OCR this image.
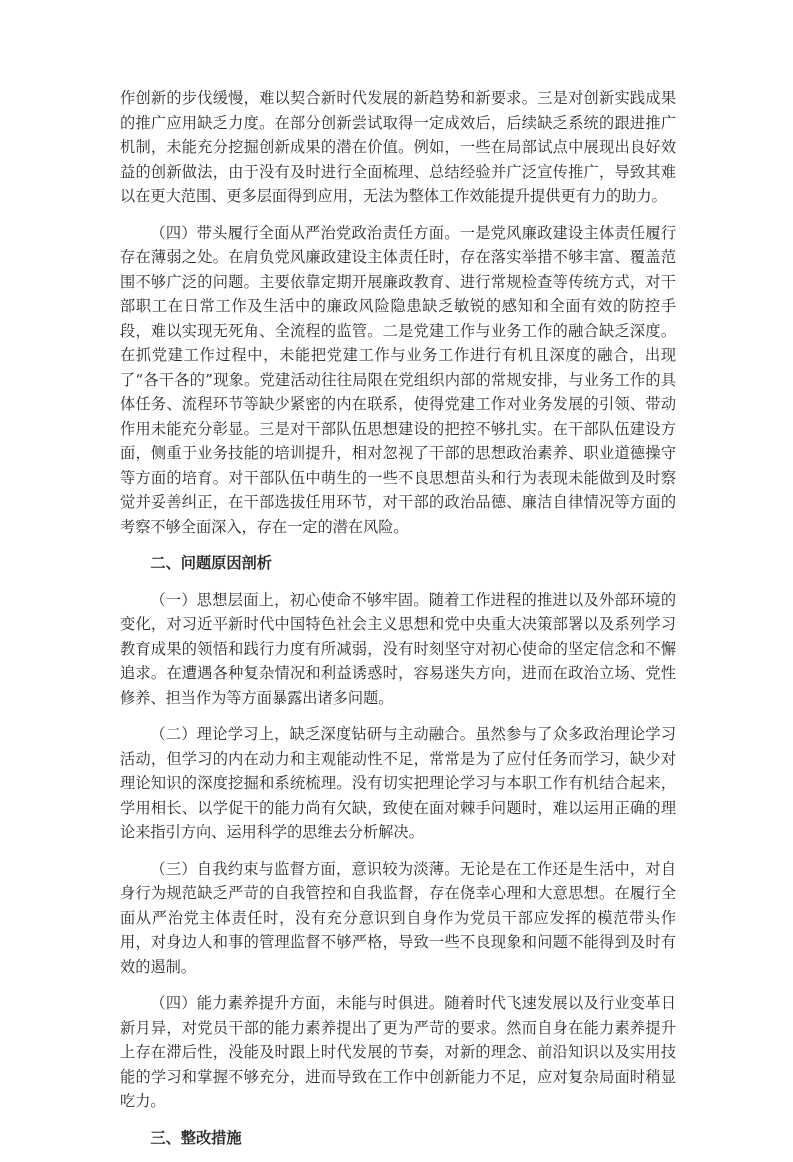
作创新的步伐缓慢，难以契合新时代发展的新趋势和新要求。三是对创新实践成果的推广应用缺乏力度。在部分创新尝试取得一定成效后，后续缺乏系统的跟进推广机制，未能充分挖掘创新成果的潜在价值。例如，一些在局部试点中展现出良好效益的创新做法，由于没有及时进行全面梳理、总结经验并广泛宣传推广，导致其难以在更大范围、更多层面得到应用，无法为整体工作效能提升提供更有力的助力。

（四）带头履行全面从严治党政治责任方面。一是党风廉政建设主体责任履行存在薄弱之处。在肩负党风廉政建设主体责任时，存在落实举措不够丰富、覆盖范围不够广泛的问题。主要依靠定期开展廉政教育、进行常规检查等传统方式，对干部职工在日常工作及生活中的廉政风险隐患缺乏敏锐的感知和全面有效的防控手段，难以实现无死角、全流程的监管。二是党建工作与业务工作的融合缺乏深度。在抓党建工作过程中，未能把党建工作与业务工作进行有机且深度的融合，出现了“各干各的”现象。党建活动往往局限在党组织内部的常规安排，与业务工作的具体任务、流程环节等缺少紧密的内在联系，使得党建工作对业务发展的引领、带动作用未能充分彰显。三是对干部队伍思想建设的把控不够扎实。在干部队伍建设方面，侧重于业务技能的培训提升，相对忽视了干部的思想政治素养、职业道德操守等方面的培育。对干部队伍中萌生的一些不良思想苗头和行为表现未能做到及时察觉并妥善纠正，在干部选拔任用环节，对干部的政治品德、廉洁自律情况等方面的考察不够全面深入，存在一定的潜在风险。

二、问题原因剖析

（一）思想层面上，初心使命不够牢固。随着工作进程的推进以及外部环境的变化，对习近平新时代中国特色社会主义思想和党中央重大决策部署以及系列学习教育成果的领悟和践行力度有所减弱，没有时刻坚守对初心使命的坚定信念和不懈追求。在遭遇各种复杂情况和利益诱惑时，容易迷失方向，进而在政治立场、党性修养、担当作为等方面暴露出诸多问题。

（二）理论学习上，缺乏深度钻研与主动融合。虽然参与了众多政治理论学习活动，但学习的内在动力和主观能动性不足，常常是为了应付任务而学习，缺少对理论知识的深度挖掘和系统梳理。没有切实把理论学习与本职工作有机结合起来，学用相长、以学促干的能力尚有欠缺，致使在面对棘手问题时，难以运用正确的理论来指引方向、运用科学的思维去分析解决。

（三）自我约束与监督方面，意识较为淡薄。无论是在工作还是生活中，对自身行为规范缺乏严苛的自我管控和自我监督，存在侥幸心理和大意思想。在履行全面从严治党主体责任时，没有充分意识到自身作为党员干部应发挥的模范带头作用，对身边人和事的管理监督不够严格，导致一些不良现象和问题不能得到及时有效的遏制。

（四）能力素养提升方面，未能与时俱进。随着时代飞速发展以及行业变革日新月异，对党员干部的能力素养提出了更为严苛的要求。然而自身在能力素养提升上存在滞后性，没能及时跟上时代发展的节奏，对新的理念、前沿知识以及实用技能的学习和掌握不够充分，进而导致在工作中创新能力不足，应对复杂局面时稍显吃力。

三、整改措施
